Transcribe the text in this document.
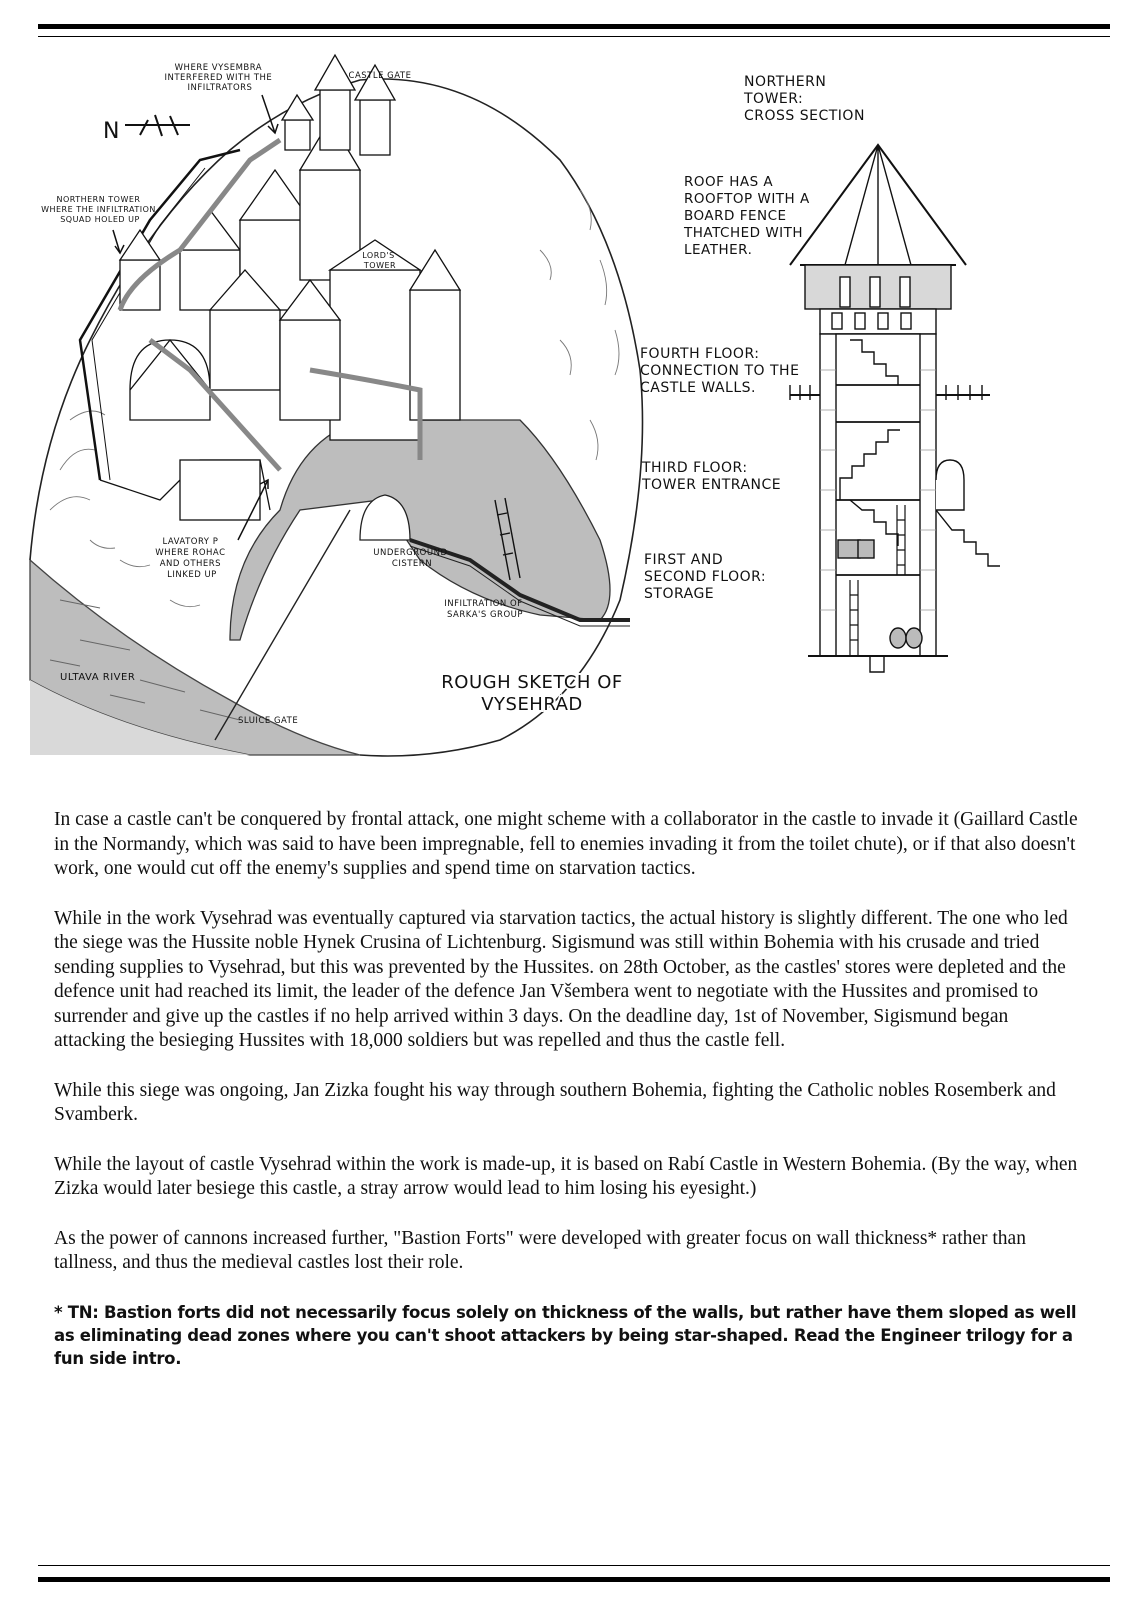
WHERE VYSEMBRA INTERFERED WITH THE INFILTRATORS
CASTLE GATE
N
NORTHERN TOWER WHERE THE INFILTRATION SQUAD HOLED UP
LORD'S TOWER
LAVATORY P WHERE ROHAC AND OTHERS LINKED UP
UNDERGROUND CISTERN
INFILTRATION OF SARKA'S GROUP
ULTAVA RIVER
SLUICE GATE
ROUGH SKETCH OF
VYSEHRAD
NORTHERN TOWER: CROSS SECTION
ROOF HAS A ROOFTOP WITH A BOARD FENCE THATCHED WITH LEATHER.
FOURTH FLOOR: CONNECTION TO THE CASTLE WALLS.
THIRD FLOOR: TOWER ENTRANCE
FIRST AND SECOND FLOOR: STORAGE

In case a castle can't be conquered by frontal attack, one might scheme with a collaborator in the castle to invade it (Gaillard Castle in the Normandy, which was said to have been impregnable, fell to enemies invading it from the toilet chute), or if that also doesn't work, one would cut off the enemy's supplies and spend time on starvation tactics.

While in the work Vysehrad was eventually captured via starvation tactics, the actual history is slightly different. The one who led the siege was the Hussite noble Hynek Crusina of Lichtenburg. Sigismund was still within Bohemia with his crusade and tried sending supplies to Vysehrad, but this was prevented by the Hussites. on 28th October, as the castles' stores were depleted and the defence unit had reached its limit, the leader of the defence Jan Všembera went to negotiate with the Hussites and promised to surrender and give up the castles if no help arrived within 3 days. On the deadline day, 1st of November, Sigismund began attacking the besieging Hussites with 18,000 soldiers but was repelled and thus the castle fell.

While this siege was ongoing, Jan Zizka fought his way through southern Bohemia, fighting the Catholic nobles Rosemberk and Svamberk.

While the layout of castle Vysehrad within the work is made-up, it is based on Rabí Castle in Western Bohemia. (By the way, when Zizka would later besiege this castle, a stray arrow would lead to him losing his eyesight.)

As the power of cannons increased further, "Bastion Forts" were developed with greater focus on wall thickness* rather than tallness, and thus the medieval castles lost their role.

* TN: Bastion forts did not necessarily focus solely on thickness of the walls, but rather have them sloped as well as eliminating dead zones where you can't shoot attackers by being star-shaped. Read the Engineer trilogy for a fun side intro.
